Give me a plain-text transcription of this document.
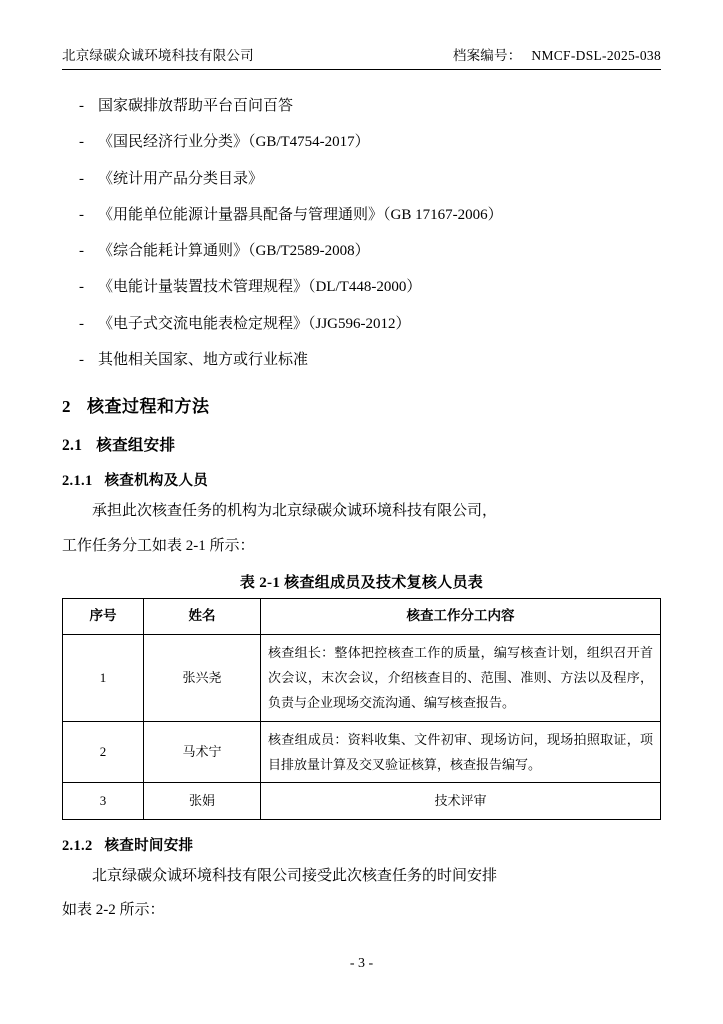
北京绿碳众诚环境科技有限公司	档案编号： NMCF-DSL-2025-038
- 国家碳排放帮助平台百问百答
- 《国民经济行业分类》（GB/T4754-2017）
- 《统计用产品分类目录》
- 《用能单位能源计量器具配备与管理通则》（GB 17167-2006）
- 《综合能耗计算通则》（GB/T2589-2008）
- 《电能计量装置技术管理规程》（DL/T448-2000）
- 《电子式交流电能表检定规程》（JJG596-2012）
- 其他相关国家、地方或行业标准
2 核查过程和方法
2.1 核查组安排
2.1.1 核查机构及人员

承担此次核查任务的机构为北京绿碳众诚环境科技有限公司，

工作任务分工如表 2-1 所示：

表 2-1 核查组成员及技术复核人员表
序号	姓名	核查工作分工内容
1	张兴尧	核查组长：整体把控核查工作的质量，编写核查计划，组织召开首次会议，末次会议，介绍核查目的、范围、准则、方法以及程序，负责与企业现场交流沟通、编写核查报告。
2	马术宁	核查组成员：资料收集、文件初审、现场访问，现场拍照取证，项目排放量计算及交叉验证核算，核查报告编写。
3	张娟	技术评审
2.1.2 核查时间安排

北京绿碳众诚环境科技有限公司接受此次核查任务的时间安排

如表 2-2 所示：

- 3 -
